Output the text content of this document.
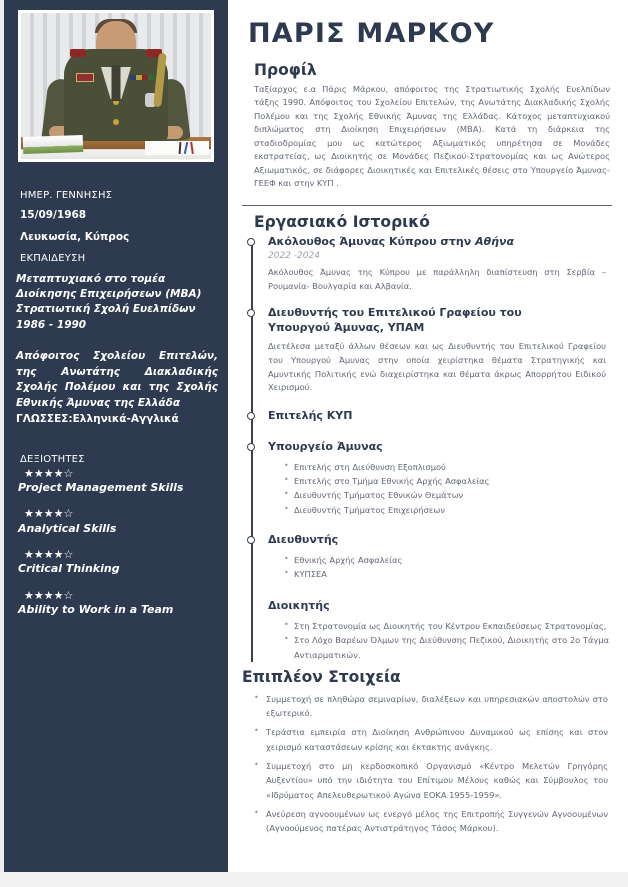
ΗΜΕΡ. ΓΕΝΝΗΣΗΣ
15/09/1968
Λευκωσία, Κύπρος
ΕΚΠΑΙΔΕΥΣΗ
Μεταπτυχιακό στο τομέα
Διοίκησης Επιχειρήσεων (ΜΒΑ)
Στρατιωτική Σχολή Ευελπίδων
1986 - 1990
Απόφοιτος Σχολείου Επιτελών, της Ανωτάτης Διακλαδικής Σχολής Πολέμου και της Σχολής Εθνικής Άμυνας της Ελλάδα
ΓΛΩΣΣΕΣ:Ελληνικά-Αγγλικά
ΔΕΞΙΟΤΗΤΕΣ
★★★★☆
Project Management Skills
★★★★☆
Analytical Skills
★★★★☆
Critical Thinking
★★★★☆
Ability to Work in a Team
ΠΑΡΙΣ ΜΑΡΚΟΥ
Προφίλ

Ταξίαρχος ε.α Πάρις Μάρκου, απόφοιτος της Στρατιωτικής Σχολής Ευελπίδων τάξης 1990. Απόφοιτος του Σχολείου Επιτελών, της Ανωτάτης Διακλαδικής Σχολής Πολέμου και της Σχολής Εθνικής Άμυνας της Ελλάδας. Κάτοχος μεταπτυχιακού διπλώματος στη Διοίκηση Επιχειρήσεων (MBA). Κατά τη διάρκεια της σταδιοδρομίας μου ως κατώτερος Αξιωματικός υπηρέτησα σε Μονάδες εκστρατείας, ως Διοικητής σε Μονάδες Πεζικού-Στρατονομίας και ως Ανώτερος Αξιωματικός, σε διάφορες Διοικητικές και Επιτελικές θέσεις στο Υπουργείο Άμυνας-ΓΕΕΦ και στην ΚΥΠ .

Εργασιακό Ιστορικό
Ακόλουθος Άμυνας Κύπρου στην Αθήνα
2022 -2024
Ακόλουθος Άμυνας της Κύπρου με παράλληλη διαπίστευση στη Σερβία – Ρουμανία- Βουλγαρία και Αλβανία.
Διευθυντής του Επιτελικού Γραφείου του Υπουργού Άμυνας, ΥΠΑΜ
Διετέλεσα μεταξύ άλλων θέσεων και ως Διευθυντής του Επιτελικού Γραφείου του Υπουργού Άμυνας στην οποία χειρίστηκα θέματα Στρατηγικής και Αμυντικής Πολιτικής ενώ διαχειρίστηκα και θέματα άκρως Απορρήτου Ειδικού Χειρισμού.
Επιτελής ΚΥΠ
Υπουργείο Άμυνας
• Επιτελής στη Διεύθυνση Εξοπλισμού
• Επιτελής στο Τμήμα Εθνικής Αρχής Ασφαλείας
• Διευθυντής Τμήματος Εθνικών Θεμάτων
• Διευθυντής Τμήματος Επιχειρήσεων
Διευθυντής
• Εθνικής Αρχής Ασφαλείας
• ΚΥΠΣΕΑ
Διοικητής
• Στη Στρατονομία ως Διοικητής του Κέντρου Εκπαιδεύσεως Στρατονομίας,
• Στο Λόχο Βαρέων Όλμων της Διεύθυνσης Πεζικού, Διοικητής στο 2ο Τάγμα Αντιαρματικών.
Επιπλέον Στοιχεία
• Συμμετοχή σε πληθώρα σεμιναρίων, διαλέξεων και υπηρεσιακών αποστολών στο εξωτερικό.
• Τεράστια εμπειρία στη Διοίκηση Ανθρώπινου Δυναμικού ως επίσης και στον χειρισμό καταστάσεων κρίσης και έκτακτης ανάγκης.
• Συμμετοχή στο μη κερδοσκοπικό Οργανισμό «Κέντρο Μελετών Γρηγόρης Αυξεντίου» υπό την ιδιότητα του Επίτιμου Μέλους καθώς και Σύμβουλος του «Ιδρύματος Απελευθερωτικού Αγώνα ΕΟΚΑ 1955-1959».
• Ανεύρεση αγνοουμένων ως ενεργό μέλος της Επιτροπής Συγγενών Αγνοουμένων (Αγνοούμενος πατέρας Αντιστράτηγος Τάσος Μάρκου).
